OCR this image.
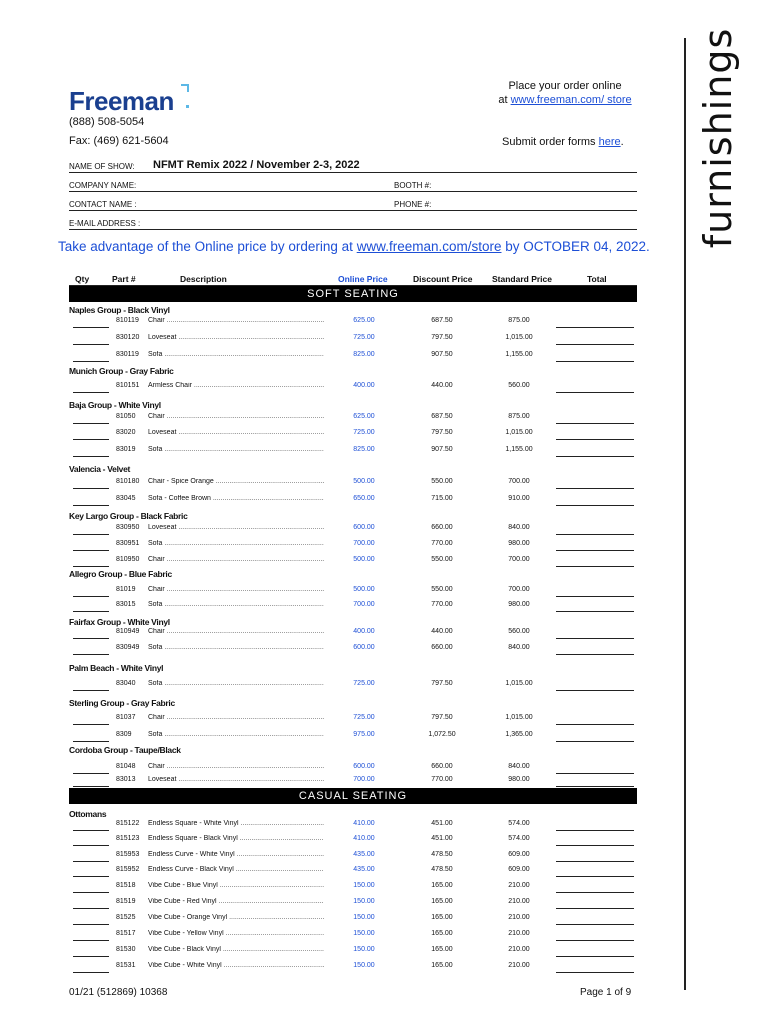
furnishings
Freeman
(888) 508-5054
Fax: (469) 621-5604
Place your order online
at www.freeman.com/ store
Submit order forms here.
NAME OF SHOW: NFMT Remix 2022 / November 2-3, 2022
COMPANY NAME:	BOOTH #:
CONTACT NAME :	PHONE #:
E-MAIL ADDRESS :
Take advantage of the Online price by ordering at www.freeman.com/store by OCTOBER 04, 2022.
Qty	Part #	Description	Online Price	Discount Price Standard Price	Total
SOFT SEATING
CASUAL SEATING
Naples Group - Black Vinyl
Munich Group - Gray Fabric
Baja Group - White Vinyl
Valencia - Velvet
Key Largo Group - Black Fabric
Allegro Group - Blue Fabric
Fairfax Group - White Vinyl
Palm Beach - White Vinyl
Sterling Group - Gray Fabric
Cordoba Group - Taupe/Black
Ottomans
810119 Chair .....	625.00	687.50	875.00
830120 Loveseat .....	725.00	797.50	1,015.00
830119 Sofa .....	825.00	907.50	1,155.00
810151 Armless Chair .....	400.00	440.00	560.00
81050 Chair .....	625.00	687.50	875.00
83020 Loveseat .....	725.00	797.50	1,015.00
83019 Sofa .....	825.00	907.50	1,155.00
810180 Chair - Spice Orange .....	500.00	550.00	700.00
83045 Sofa - Coffee Brown .....	650.00	715.00	910.00
830950 Loveseat .....	600.00	660.00	840.00
830951 Sofa .....	700.00	770.00	980.00
810950 Chair .....	500.00	550.00	700.00
81019 Chair .....	500.00	550.00	700.00
83015 Sofa .....	700.00	770.00	980.00
810949 Chair .....	400.00	440.00	560.00
830949 Sofa .....	600.00	660.00	840.00
83040 Sofa .....	725.00	797.50	1,015.00
81037 Chair .....	725.00	797.50	1,015.00
8309 Sofa .....	975.00	1,072.50	1,365.00
81048 Chair .....	600.00	660.00	840.00
83013 Loveseat .....	700.00	770.00	980.00
815122 Endless Square - White Vinyl .....	410.00	451.00	574.00
815123 Endless Square - Black Vinyl .....	410.00	451.00	574.00
815953 Endless Curve - White Vinyl .....	435.00	478.50	609.00
815952 Endless Curve - Black Vinyl .....	435.00	478.50	609.00
81518 Vibe Cube - Blue Vinyl .....	150.00	165.00	210.00
81519 Vibe Cube - Red Vinyl .....	150.00	165.00	210.00
81525 Vibe Cube - Orange Vinyl .....	150.00	165.00	210.00
81517 Vibe Cube - Yellow Vinyl .....	150.00	165.00	210.00
81530 Vibe Cube - Black Vinyl .....	150.00	165.00	210.00
81531 Vibe Cube - White Vinyl .....	150.00	165.00	210.00
01/21 (512869) 10368	Page 1 of 9
